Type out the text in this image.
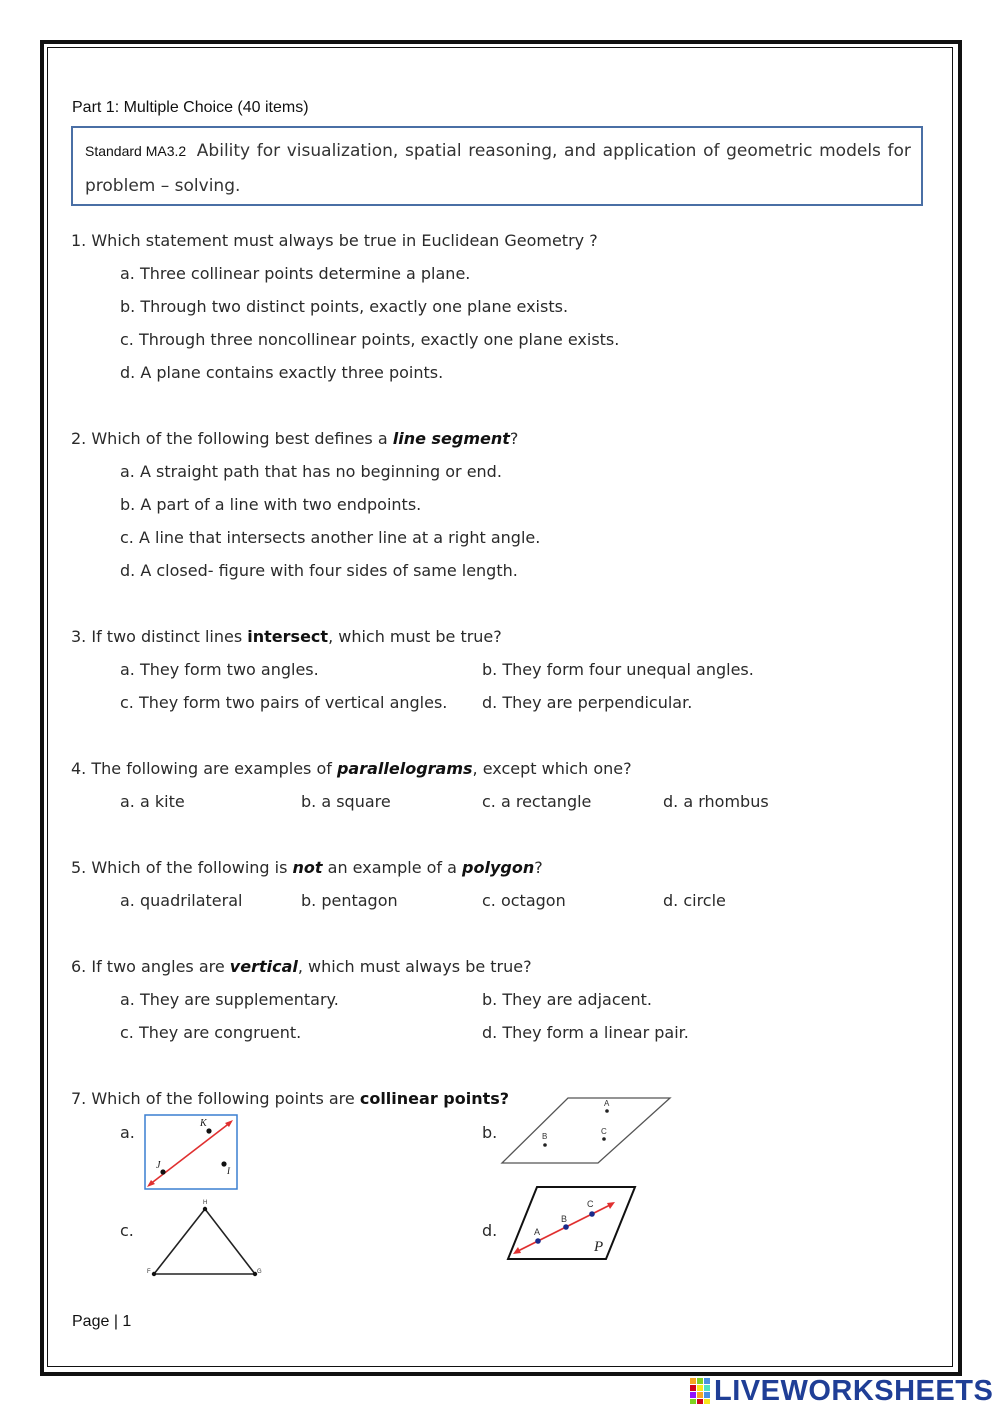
Part 1: Multiple Choice (40 items)
Standard MA3.2 Ability for visualization, spatial reasoning, and application of geometric models for
problem – solving.
1. Which statement must always be true in Euclidean Geometry ?
a. Three collinear points determine a plane.
b. Through two distinct points, exactly one plane exists.
c. Through three noncollinear points, exactly one plane exists.
d. A plane contains exactly three points.
2. Which of the following best defines a line segment?
a. A straight path that has no beginning or end.
b. A part of a line with two endpoints.
c. A line that intersects another line at a right angle.
d. A closed- figure with four sides of same length.
3. If two distinct lines intersect, which must be true?
a. They form two angles.	b. They form four unequal angles.
c. They form two pairs of vertical angles. d. They are perpendicular.
4. The following are examples of parallelograms, except which one?
a. a kite	b. a square	c. a rectangle	d. a rhombus
5. Which of the following is not an example of a polygon?
a. quadrilateral	b. pentagon	c. octagon	d. circle
6. If two angles are vertical, which must always be true?
a. They are supplementary.	b. They are adjacent.
c. They are congruent.	d. They form a linear pair.
7. Which of the following points are collinear points?
a.	b.
c.	d.
K
J	I
A
B
C
H
F	G
A
B
C
P
Page | 1
LIVEWORKSHEETS
